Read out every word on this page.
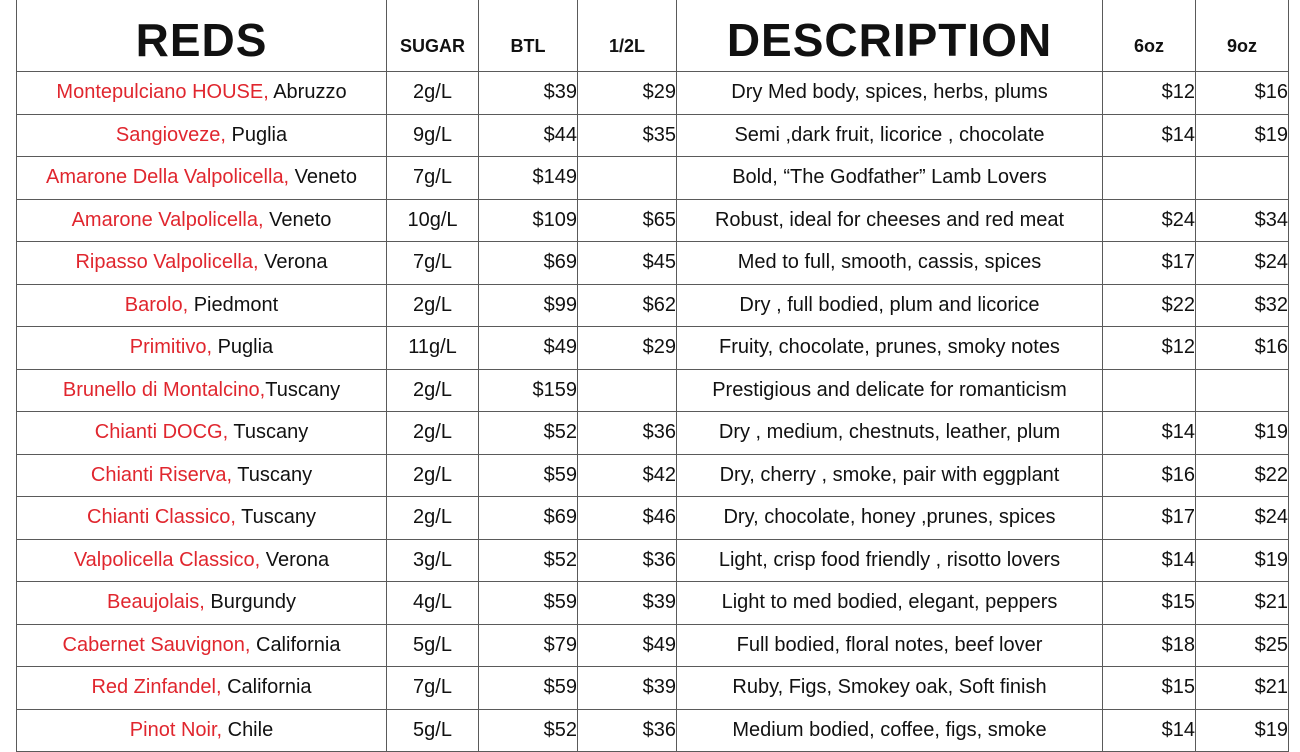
REDS	SUGAR	BTL	1/2L	DESCRIPTION	6oz	9oz
Montepulciano HOUSE, Abruzzo	2g/L	$39	$29	Dry Med body, spices, herbs, plums	$12	$16
Sangioveze, Puglia	9g/L	$44	$35	Semi ,dark fruit, licorice , chocolate	$14	$19
Amarone Della Valpolicella, Veneto	7g/L	$149		Bold, “The Godfather” Lamb Lovers		
Amarone Valpolicella, Veneto	10g/L	$109	$65	Robust, ideal for cheeses and red meat	$24	$34
Ripasso Valpolicella, Verona	7g/L	$69	$45	Med to full, smooth, cassis, spices	$17	$24
Barolo, Piedmont	2g/L	$99	$62	Dry , full bodied, plum and licorice	$22	$32
Primitivo, Puglia	11g/L	$49	$29	Fruity, chocolate, prunes, smoky notes	$12	$16
Brunello di Montalcino,Tuscany	2g/L	$159		Prestigious and delicate for romanticism		
Chianti DOCG, Tuscany	2g/L	$52	$36	Dry , medium, chestnuts, leather, plum	$14	$19
Chianti Riserva, Tuscany	2g/L	$59	$42	Dry, cherry , smoke, pair with eggplant	$16	$22
Chianti Classico, Tuscany	2g/L	$69	$46	Dry, chocolate, honey ,prunes, spices	$17	$24
Valpolicella Classico, Verona	3g/L	$52	$36	Light, crisp food friendly , risotto lovers	$14	$19
Beaujolais, Burgundy	4g/L	$59	$39	Light to med bodied, elegant, peppers	$15	$21
Cabernet Sauvignon, California	5g/L	$79	$49	Full bodied, floral notes, beef lover	$18	$25
Red Zinfandel, California	7g/L	$59	$39	Ruby, Figs, Smokey oak, Soft finish	$15	$21
Pinot Noir, Chile	5g/L	$52	$36	Medium bodied, coffee, figs, smoke	$14	$19
